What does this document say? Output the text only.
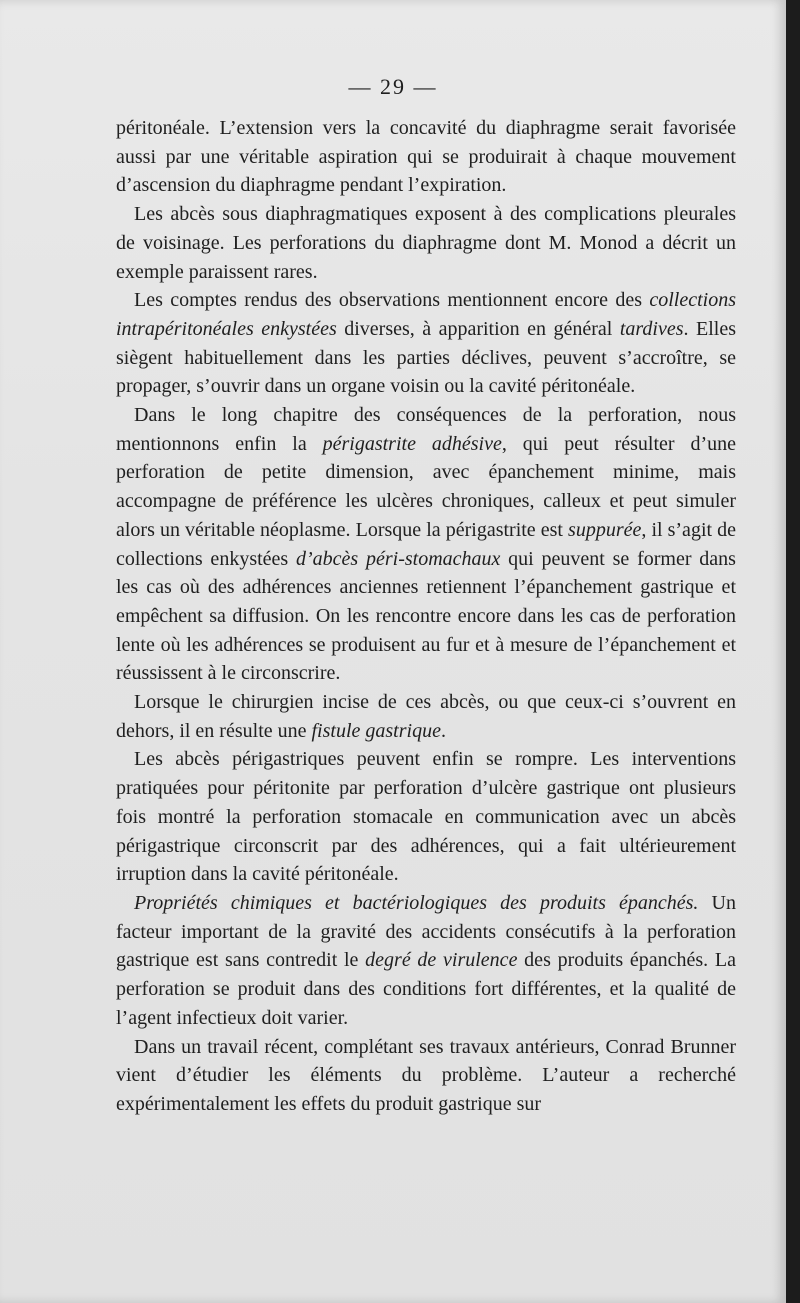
— 29 —

péritonéale. L’extension vers la concavité du diaphragme serait favorisée aussi par une véritable aspiration qui se produirait à chaque mouvement d’ascension du diaphragme pendant l’expiration.

Les abcès sous diaphragmatiques exposent à des complications pleurales de voisinage. Les perforations du diaphragme dont M. Monod a décrit un exemple paraissent rares.

Les comptes rendus des observations mentionnent encore des collections intrapéritonéales enkystées diverses, à apparition en général tardives. Elles siègent habituellement dans les parties déclives, peuvent s’accroître, se propager, s’ouvrir dans un organe voisin ou la cavité péritonéale.

Dans le long chapitre des conséquences de la perforation, nous mentionnons enfin la périgastrite adhésive, qui peut résulter d’une perforation de petite dimension, avec épanchement minime, mais accompagne de préférence les ulcères chroniques, calleux et peut simuler alors un véritable néoplasme. Lorsque la périgastrite est suppurée, il s’agit de collections enkystées d’abcès péri-stomachaux qui peuvent se former dans les cas où des adhérences anciennes retiennent l’épanchement gastrique et empêchent sa diffusion. On les rencontre encore dans les cas de perforation lente où les adhérences se produisent au fur et à mesure de l’épanchement et réussissent à le circonscrire.

Lorsque le chirurgien incise de ces abcès, ou que ceux-ci s’ouvrent en dehors, il en résulte une fistule gastrique.

Les abcès périgastriques peuvent enfin se rompre. Les interventions pratiquées pour péritonite par perforation d’ulcère gastrique ont plusieurs fois montré la perforation stomacale en communication avec un abcès périgastrique circonscrit par des adhérences, qui a fait ultérieurement irruption dans la cavité péritonéale.

Propriétés chimiques et bactériologiques des produits épanchés. Un facteur important de la gravité des accidents consécutifs à la perforation gastrique est sans contredit le degré de virulence des produits épanchés. La perforation se produit dans des conditions fort différentes, et la qualité de l’agent infectieux doit varier.

Dans un travail récent, complétant ses travaux antérieurs, Conrad Brunner vient d’étudier les éléments du problème. L’auteur a recherché expérimentalement les effets du produit gastrique sur
